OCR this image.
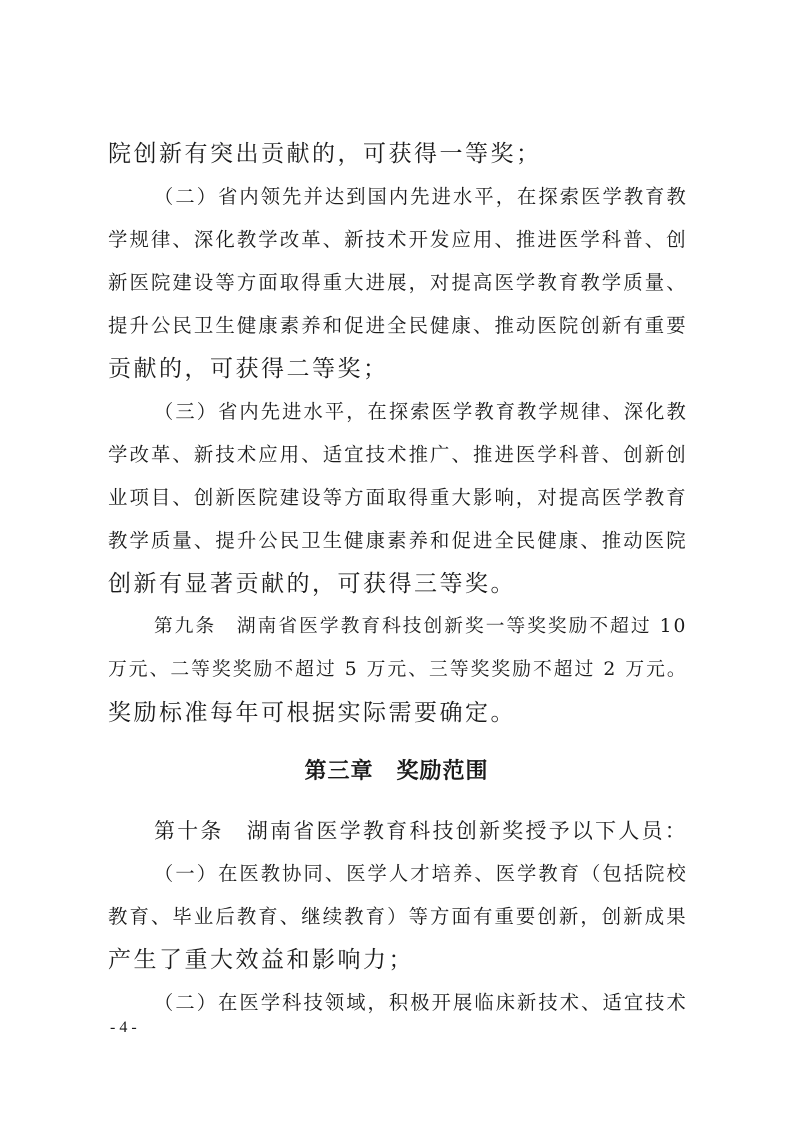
院创新有突出贡献的，可获得一等奖；
（二）省内领先并达到国内先进水平，在探索医学教育教
学规律、深化教学改革、新技术开发应用、推进医学科普、创
新医院建设等方面取得重大进展，对提高医学教育教学质量、
提升公民卫生健康素养和促进全民健康、推动医院创新有重要
贡献的，可获得二等奖；
（三）省内先进水平，在探索医学教育教学规律、深化教
学改革、新技术应用、适宜技术推广、推进医学科普、创新创
业项目、创新医院建设等方面取得重大影响，对提高医学教育
教学质量、提升公民卫生健康素养和促进全民健康、推动医院
创新有显著贡献的，可获得三等奖。
第九条　湖南省医学教育科技创新奖一等奖奖励不超过 10
万元、二等奖奖励不超过 5 万元、三等奖奖励不超过 2 万元。
奖励标准每年可根据实际需要确定。
第三章　奖励范围
第十条　湖南省医学教育科技创新奖授予以下人员：
（一）在医教协同、医学人才培养、医学教育（包括院校
教育、毕业后教育、继续教育）等方面有重要创新，创新成果
产生了重大效益和影响力；
（二）在医学科技领域，积极开展临床新技术、适宜技术
- 4 -
